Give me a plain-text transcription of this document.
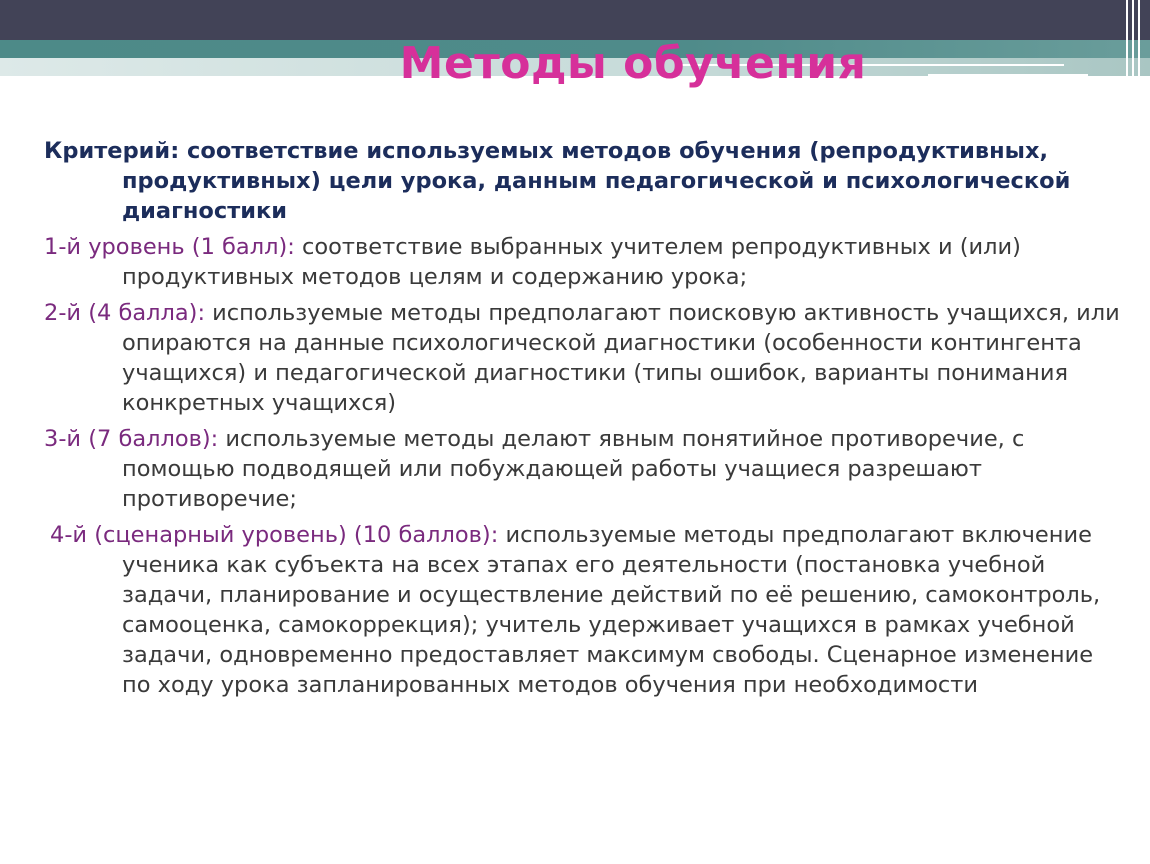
Методы обучения

Критерий: соответствие используемых методов обучения (репродуктивных, продуктивных) цели урока, данным педагогической и психологической диагностики

1-й уровень (1 балл): соответствие выбранных учителем репродуктивных и (или) продуктивных методов целям и содержанию урока;

2-й (4 балла): используемые методы предполагают поисковую активность учащихся, или опираются на данные психологической диагностики (особенности контингента учащихся) и педагогической диагностики (типы ошибок, варианты понимания конкретных учащихся)

3-й (7 баллов): используемые методы делают явным понятийное противоречие, с помощью подводящей или побуждающей работы учащиеся разрешают противоречие;

4-й (сценарный уровень) (10 баллов): используемые методы предполагают включение ученика как субъекта на всех этапах его деятельности (постановка учебной задачи, планирование и осуществление действий по её решению, самоконтроль, самооценка, самокоррекция); учитель удерживает учащихся в рамках учебной задачи, одновременно предоставляет максимум свободы. Сценарное изменение по ходу урока запланированных методов обучения при необходимости
